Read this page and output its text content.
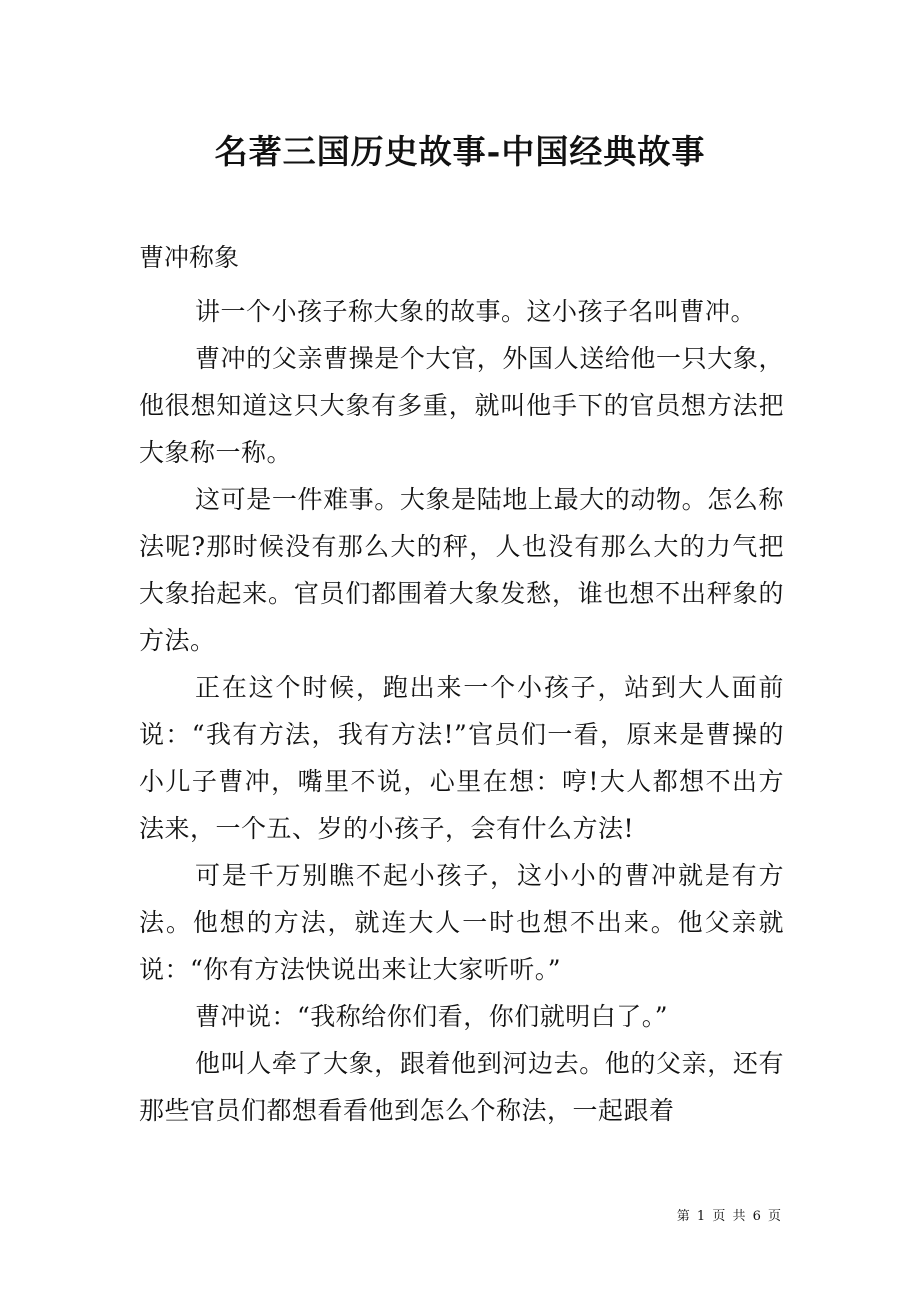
名著三国历史故事-中国经典故事
曹冲称象

讲一个小孩子称大象的故事。这小孩子名叫曹冲。

曹冲的父亲曹操是个大官，外国人送给他一只大象，他很想知道这只大象有多重，就叫他手下的官员想方法把大象称一称。

这可是一件难事。大象是陆地上最大的动物。怎么称法呢?那时候没有那么大的秤，人也没有那么大的力气把大象抬起来。官员们都围着大象发愁，谁也想不出秤象的方法。

正在这个时候，跑出来一个小孩子，站到大人面前说：“我有方法，我有方法!”官员们一看，原来是曹操的小儿子曹冲，嘴里不说，心里在想：哼!大人都想不出方法来，一个五、岁的小孩子，会有什么方法!

可是千万别瞧不起小孩子，这小小的曹冲就是有方法。他想的方法，就连大人一时也想不出来。他父亲就说：“你有方法快说出来让大家听听。”

曹冲说：“我称给你们看，你们就明白了。”

他叫人牵了大象，跟着他到河边去。他的父亲，还有那些官员们都想看看他到怎么个称法，一起跟着

第 1 页 共 6 页
